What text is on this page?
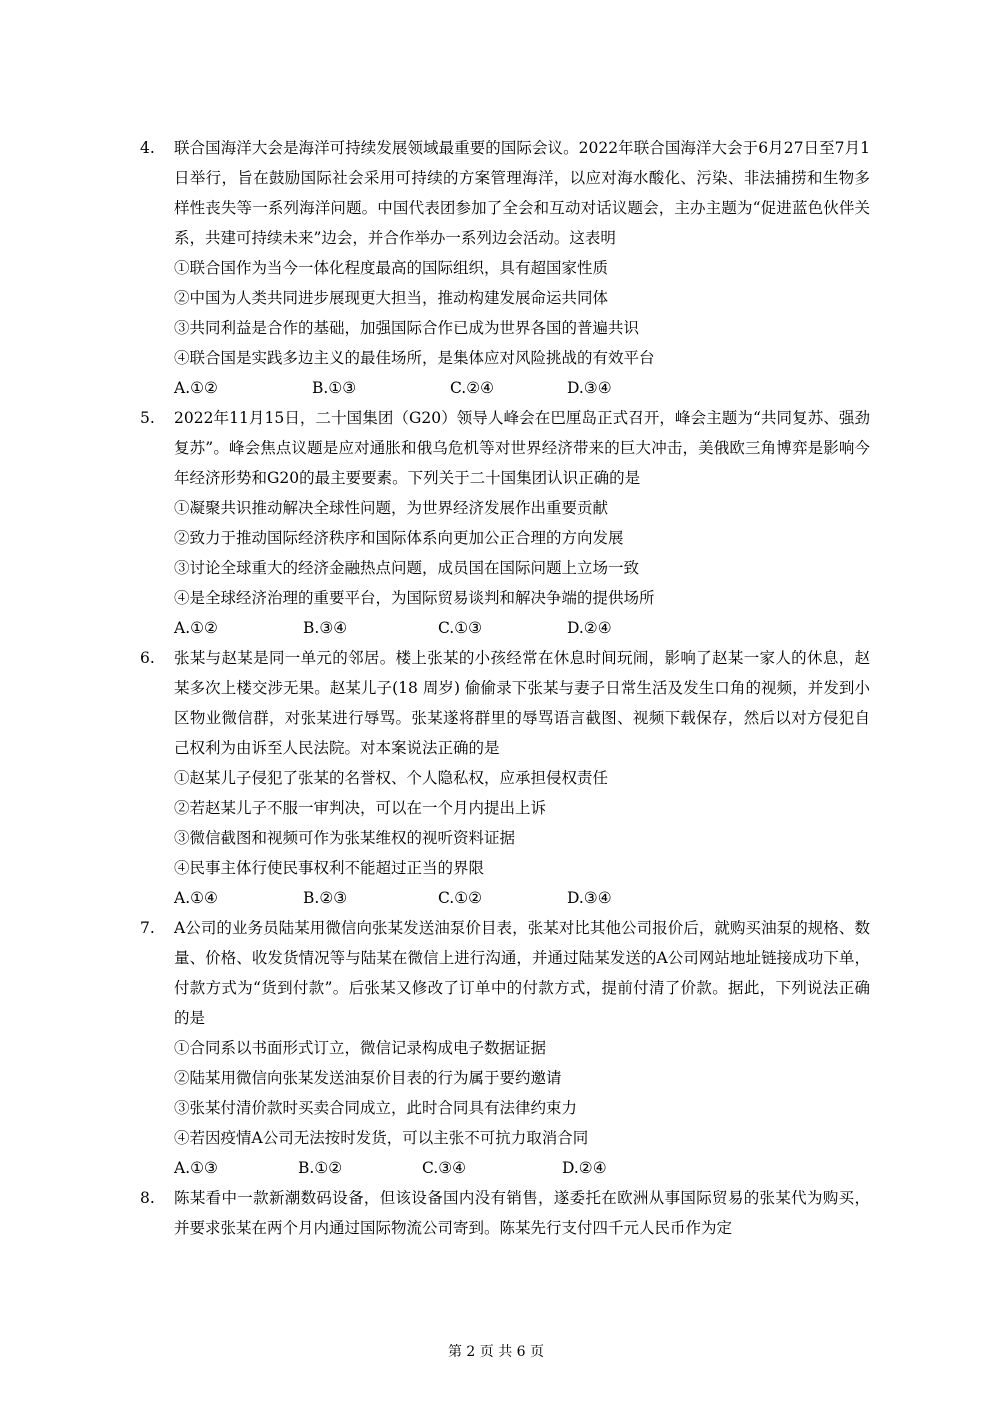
4. 联合国海洋大会是海洋可持续发展领域最重要的国际会议。2022年联合国海洋大会于6月27日至7月1日举行，旨在鼓励国际社会采用可持续的方案管理海洋，以应对海水酸化、污染、非法捕捞和生物多样性丧失等一系列海洋问题。中国代表团参加了全会和互动对话议题会，主办主题为“促进蓝色伙伴关系，共建可持续未来”边会，并合作举办一系列边会活动。这表明
①联合国作为当今一体化程度最高的国际组织，具有超国家性质
②中国为人类共同进步展现更大担当，推动构建发展命运共同体
③共同利益是合作的基础，加强国际合作已成为世界各国的普遍共识
④联合国是实践多边主义的最佳场所，是集体应对风险挑战的有效平台
A.①②	B.①③	C.②④	D.③④
5. 2022年11月15日，二十国集团（G20）领导人峰会在巴厘岛正式召开，峰会主题为“共同复苏、强劲复苏”。峰会焦点议题是应对通胀和俄乌危机等对世界经济带来的巨大冲击，美俄欧三角博弈是影响今年经济形势和G20的最主要要素。下列关于二十国集团认识正确的是
①凝聚共识推动解决全球性问题，为世界经济发展作出重要贡献
②致力于推动国际经济秩序和国际体系向更加公正合理的方向发展
③讨论全球重大的经济金融热点问题，成员国在国际问题上立场一致
④是全球经济治理的重要平台，为国际贸易谈判和解决争端的提供场所
A.①②	B.③④	C.①③	D.②④
6. 张某与赵某是同一单元的邻居。楼上张某的小孩经常在休息时间玩闹，影响了赵某一家人的休息，赵某多次上楼交涉无果。赵某儿子(18 周岁) 偷偷录下张某与妻子日常生活及发生口角的视频，并发到小区物业微信群，对张某进行辱骂。张某遂将群里的辱骂语言截图、视频下载保存，然后以对方侵犯自己权利为由诉至人民法院。对本案说法正确的是
①赵某儿子侵犯了张某的名誉权、个人隐私权，应承担侵权责任
②若赵某儿子不服一审判决，可以在一个月内提出上诉
③微信截图和视频可作为张某维权的视听资料证据
④民事主体行使民事权利不能超过正当的界限
A.①④	B.②③	C.①②	D.③④
7. A公司的业务员陆某用微信向张某发送油泵价目表，张某对比其他公司报价后，就购买油泵的规格、数量、价格、收发货情况等与陆某在微信上进行沟通，并通过陆某发送的A公司网站地址链接成功下单，付款方式为“货到付款”。后张某又修改了订单中的付款方式，提前付清了价款。据此，下列说法正确的是
①合同系以书面形式订立，微信记录构成电子数据证据
②陆某用微信向张某发送油泵价目表的行为属于要约邀请
③张某付清价款时买卖合同成立，此时合同具有法律约束力
④若因疫情A公司无法按时发货，可以主张不可抗力取消合同
A.①③	B.①②	C.③④	D.②④
8. 陈某看中一款新潮数码设备，但该设备国内没有销售，遂委托在欧洲从事国际贸易的张某代为购买，并要求张某在两个月内通过国际物流公司寄到。陈某先行支付四千元人民币作为定
第 2 页 共 6 页
